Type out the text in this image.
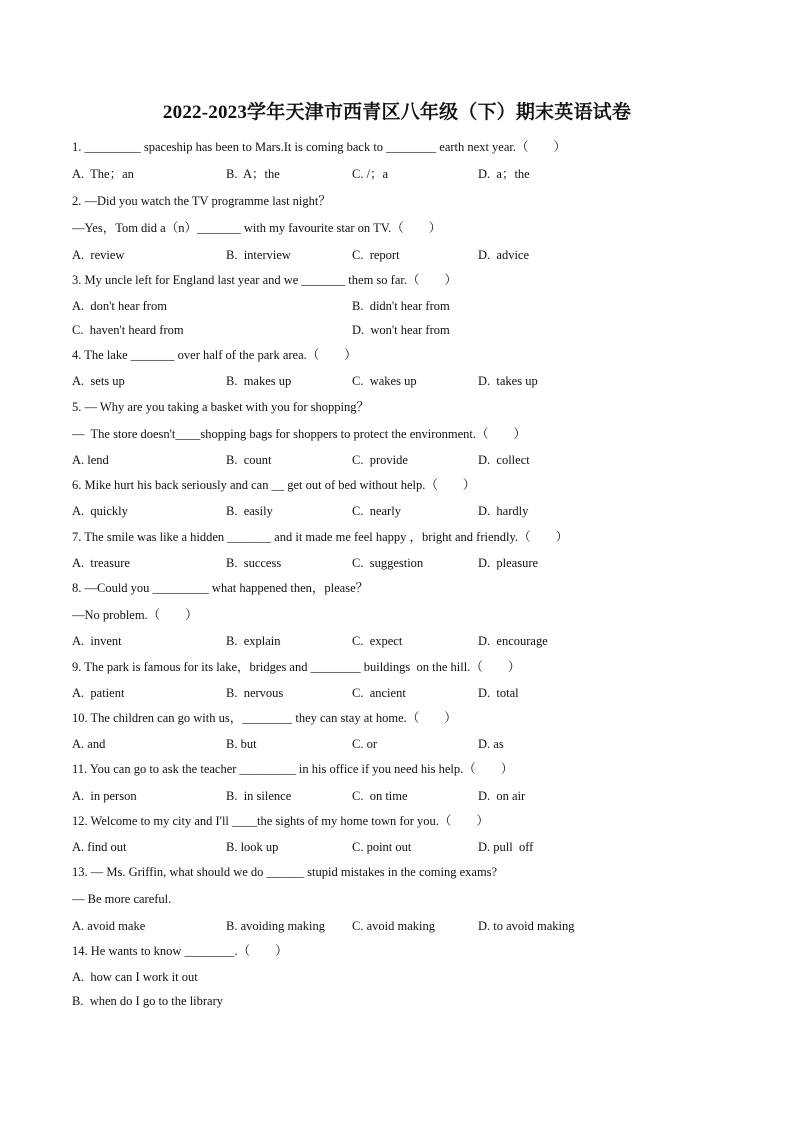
2022-2023学年天津市西青区八年级（下）期末英语试卷
1. _________ spaceship has been to Mars.It is coming back to ________ earth next year.（　　）
A.  The；an	B.  A；the	C. /；a	D.  a；the
2. —Did you watch the TV programme last night？
—Yes，Tom did a（n）_______ with my favourite star on TV.（　　）
A.  review	B.  interview	C.  report	D.  advice
3. My uncle left for England last year and we _______ them so far.（　　）
A.  don't hear from	B.  didn't hear from
C.  haven't heard from	D.  won't hear from
4. The lake _______ over half of the park area.（　　）
A.  sets up	B.  makes up	C.  wakes up	D.  takes up
5. — Why are you taking a basket with you for shopping？
—  The store doesn't____shopping bags for shoppers to protect the environment.（　　）
A. lend	B.  count	C.  provide	D.  collect
6. Mike hurt his back seriously and can __ get out of bed without help.（　　）
A.  quickly	B.  easily	C.  nearly	D.  hardly
7. The smile was like a hidden _______ and it made me feel happy ，bright and friendly.（　　）
A.  treasure	B.  success	C.  suggestion	D.  pleasure
8. —Could you _________ what happened then，please？
—No problem.（　　）
A.  invent	B.  explain	C.  expect	D.  encourage
9. The park is famous for its lake，bridges and ________ buildings  on the hill.（　　）
A.  patient	B.  nervous	C.  ancient	D.  total
10. The children can go with us，________ they can stay at home.（　　）
A. and	B. but	C. or	D. as
11. You can go to ask the teacher _________ in his office if you need his help.（　　）
A.  in person	B.  in silence	C.  on time	D.  on air
12. Welcome to my city and I'll ____the sights of my home town for you.（　　）
A. find out	B. look up	C. point out	D. pull  off
13. — Ms. Griffin, what should we do ______ stupid mistakes in the coming exams?
— Be more careful.
A. avoid make	B. avoiding making C. avoid making	D. to avoid making
14. He wants to know ________.（　　）
A.  how can I work it out
B.  when do I go to the library
